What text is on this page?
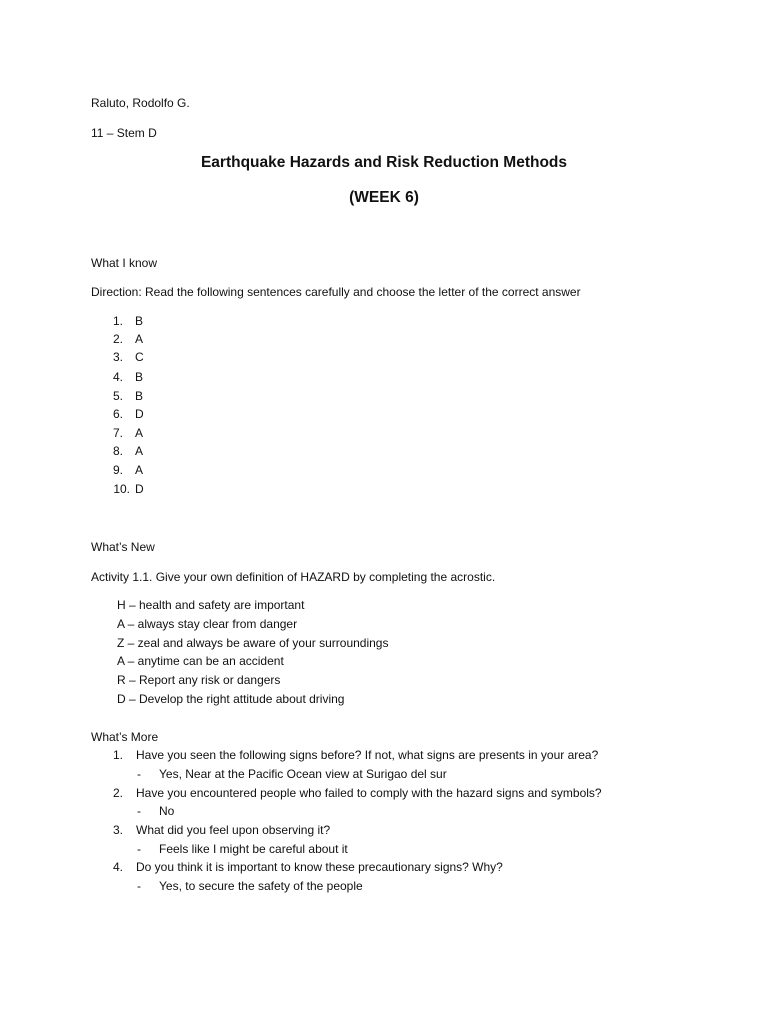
Raluto, Rodolfo G.
11 – Stem D
Earthquake Hazards and Risk Reduction Methods
(WEEK 6)
What I know
Direction: Read the following sentences carefully and choose the letter of the correct answer
1. B
2. A
3. C
4. B
5. B
6. D
7. A
8. A
9. A
10. D
What’s New
Activity 1.1. Give your own definition of HAZARD by completing the acrostic.
H – health and safety are important
A – always stay clear from danger
Z – zeal and always be aware of your surroundings
A – anytime can be an accident
R – Report any risk or dangers
D – Develop the right attitude about driving
What’s More
1. Have you seen the following signs before? If not, what signs are presents in your area?
- Yes, Near at the Pacific Ocean view at Surigao del sur
2. Have you encountered people who failed to comply with the hazard signs and symbols?
- No
3. What did you feel upon observing it?
- Feels like I might be careful about it
4. Do you think it is important to know these precautionary signs? Why?
- Yes, to secure the safety of the people
